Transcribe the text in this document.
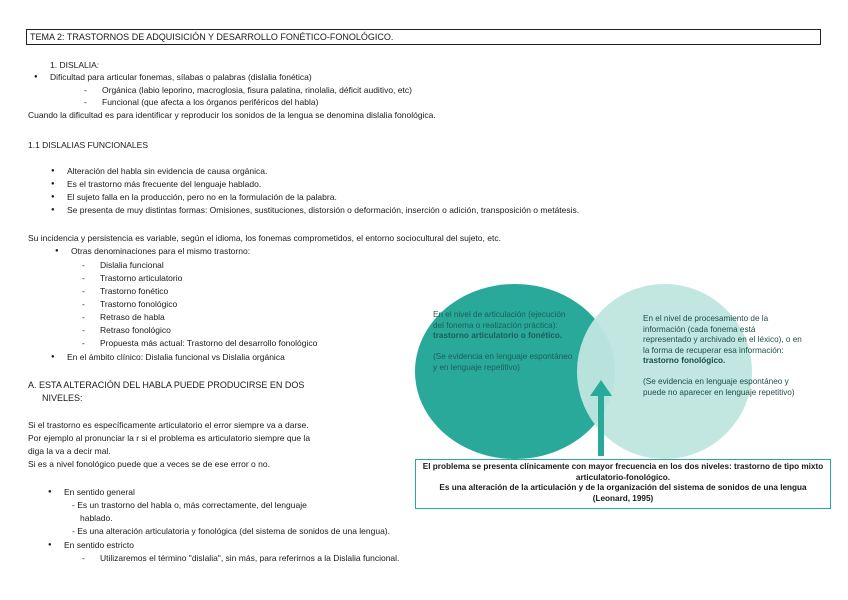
TEMA 2: TRASTORNOS DE ADQUISICIÓN Y DESARROLLO FONÉTICO-FONOLÓGICO.
1. DISLALIA:
● Dificultad para articular fonemas, sílabas o palabras (dislalia fonética)
- Orgánica (labio leporino, macroglosia, fisura palatina, rinolalia, déficit auditivo, etc)
- Funcional (que afecta a los órganos periféricos del habla)
Cuando la dificultad es para identificar y reproducir los sonidos de la lengua se denomina dislalia fonológica.
1.1 DISLALIAS FUNCIONALES
● Alteración del habla sin evidencia de causa orgánica.
● Es el trastorno más frecuente del lenguaje hablado.
● El sujeto falla en la producción, pero no en la formulación de la palabra.
● Se presenta de muy distintas formas: Omisiones, sustituciones, distorsión o deformación, inserción o adición, transposición o metátesis.
Su incidencia y persistencia es variable, según el idioma, los fonemas comprometidos, el entorno sociocultural del sujeto, etc.
● Otras denominaciones para el mismo trastorno:
- Dislalia funcional
- Trastorno articulatorio
- Trastorno fonético
- Trastorno fonológico
- Retraso de habla
- Retraso fonológico
- Propuesta más actual: Trastorno del desarrollo fonológico
● En el ámbito clínico: Dislalia funcional vs Dislalia orgánica
A. ESTA ALTERACIÓN DEL HABLA PUEDE PRODUCIRSE EN DOS
NIVELES:
Si el trastorno es específicamente articulatorio el error siempre va a darse.
Por ejemplo al pronunciar la r si el problema es articulatorio siempre que la
diga la va a decir mal.
Si es a nivel fonológico puede que a veces se de ese error o no.
● En sentido general
- Es un trastorno del habla o, más correctamente, del lenguaje
hablado.
- Es una alteración articulatoria y fonológica (del sistema de sonidos de una lengua).
● En sentido estricto
- Utilizaremos el término "dislalia", sin más, para referirnos a la Dislalia funcional.
En el nivel de articulación (ejecución del fonema o realización práctica): trastorno articulatorio o fonético.

(Se evidencia en lenguaje espontáneo y en lenguaje repetitivo)
En el nivel de procesamiento de la información (cada fonema está representado y archivado en el léxico), o en la forma de recuperar esa información: trastorno fonológico.

(Se evidencia en lenguaje espontáneo y puede no aparecer en lenguaje repetitivo)
El problema se presenta clínicamente con mayor frecuencia en los dos niveles: trastorno de tipo mixto articulatorio-fonológico.
Es una alteración de la articulación y de la organización del sistema de sonidos de una lengua (Leonard, 1995)
